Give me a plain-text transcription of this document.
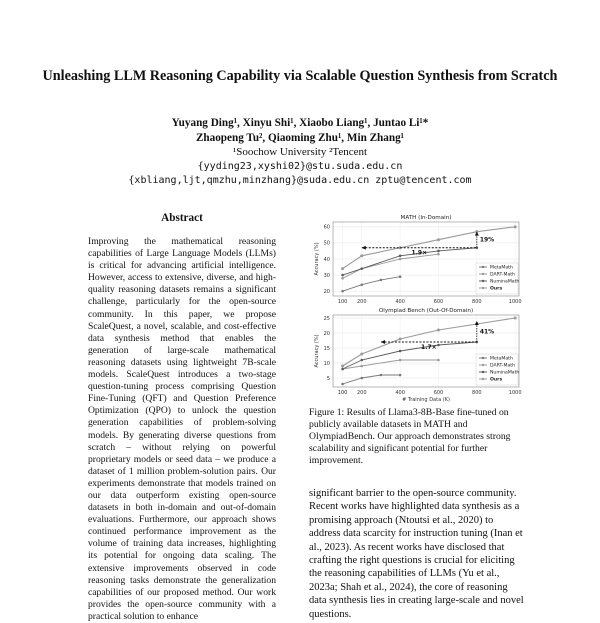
Unleashing LLM Reasoning Capability via Scalable Question Synthesis from Scratch
Yuyang Ding¹, Xinyu Shi¹, Xiaobo Liang¹, Juntao Li¹*
Zhaopeng Tu², Qiaoming Zhu¹, Min Zhang¹
¹Soochow University ²Tencent
{yyding23,xyshi02}@stu.suda.edu.cn
{xbliang,ljt,qmzhu,minzhang}@suda.edu.cn zptu@tencent.com
Abstract

Improving the mathematical reasoning capabilities of Large Language Models (LLMs) is critical for advancing artificial intelligence. However, access to extensive, diverse, and high-quality reasoning datasets remains a significant challenge, particularly for the open-source community. In this paper, we propose ScaleQuest, a novel, scalable, and cost-effective data synthesis method that enables the generation of large-scale mathematical reasoning datasets using lightweight 7B-scale models. ScaleQuest introduces a two-stage question-tuning process comprising Question Fine-Tuning (QFT) and Question Preference Optimization (QPO) to unlock the question generation capabilities of problem-solving models. By generating diverse questions from scratch – without relying on powerful proprietary models or seed data – we produce a dataset of 1 million problem-solution pairs. Our experiments demonstrate that models trained on our data outperform existing open-source datasets in both in-domain and out-of-domain evaluations. Furthermore, our approach shows continued performance improvement as the volume of training data increases, highlighting its potential for ongoing data scaling. The extensive improvements observed in code reasoning tasks demonstrate the generalization capabilities of our proposed method. Our work provides the open-source community with a practical solution to enhance

MATH (In-Domain)
20
30
40
50
60
100 200	400	600	800	1000
Accuracy (%)	1.9×
19%
MetaMath
DART-Math
NuminaMath
Ours
Olympiad Bench (Out-Of-Domain)
5
10
15
20
25
100 200	400	600	800	1000
Accuracy (%)
# Training Data (K)
1.7×
41%
MetaMath
DART-Math
NuminaMath
Ours

Figure 1: Results of Llama3-8B-Base fine-tuned on publicly available datasets in MATH and OlympiadBench. Our approach demonstrates strong scalability and significant potential for further improvement.

significant barrier to the open-source community. Recent works have highlighted data synthesis as a promising approach (Ntoutsi et al., 2020) to address data scarcity for instruction tuning (Inan et al., 2023). As recent works have disclosed that crafting the right questions is crucial for eliciting the reasoning capabilities of LLMs (Yu et al., 2023a; Shah et al., 2024), the core of reasoning data synthesis lies in creating large-scale and novel questions.
